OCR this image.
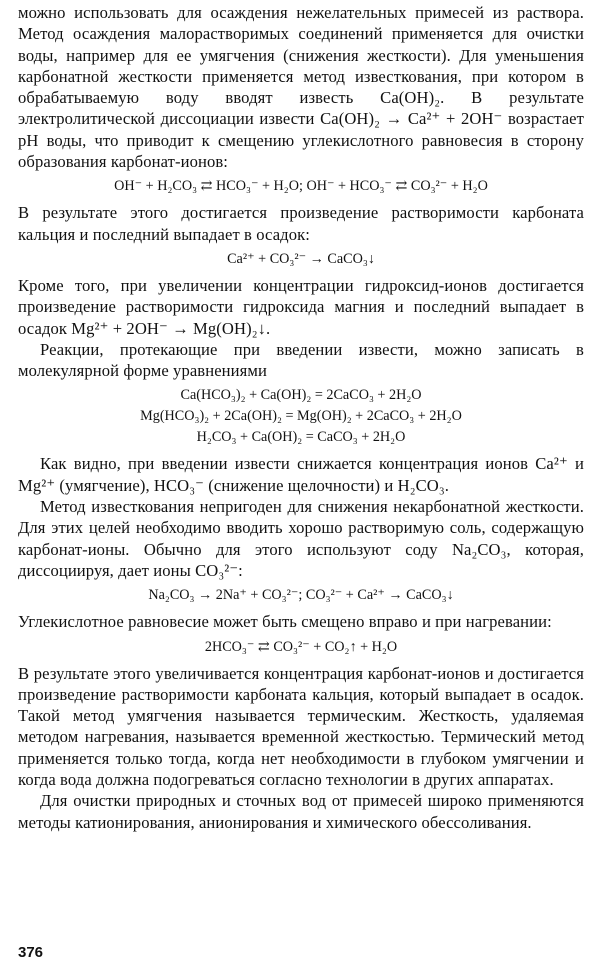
можно использовать для осаждения нежелательных примесей из раствора. Метод осаждения малорастворимых соединений применяется для очистки воды, например для ее умягчения (снижения жесткости). Для уменьшения карбонатной жесткости применяется метод известкования, при котором в обрабатываемую воду вводят известь Ca(OH)₂. В результате электролитической диссоциации извести Ca(OH)₂ → Ca²⁺ + 2OH⁻ возрастает pH воды, что приводит к смещению углекислотного равновесия в сторону образования карбонат-ионов:

OH⁻ + H₂CO₃ ⇄ HCO₃⁻ + H₂O; OH⁻ + HCO₃⁻ ⇄ CO₃²⁻ + H₂O

В результате этого достигается произведение растворимости карбоната кальция и последний выпадает в осадок:

Ca²⁺ + CO₃²⁻ → CaCO₃↓

Кроме того, при увеличении концентрации гидроксид-ионов достигается произведение растворимости гидроксида магния и последний выпадает в осадок Mg²⁺ + 2OH⁻ → Mg(OH)₂↓.

Реакции, протекающие при введении извести, можно записать в молекулярной форме уравнениями

Ca(HCO₃)₂ + Ca(OH)₂ = 2CaCO₃ + 2H₂O

Mg(HCO₃)₂ + 2Ca(OH)₂ = Mg(OH)₂ + 2CaCO₃ + 2H₂O

H₂CO₃ + Ca(OH)₂ = CaCO₃ + 2H₂O

Как видно, при введении извести снижается концентрация ионов Ca²⁺ и Mg²⁺ (умягчение), HCO₃⁻ (снижение щелочности) и H₂CO₃.

Метод известкования непригоден для снижения некарбонатной жесткости. Для этих целей необходимо вводить хорошо растворимую соль, содержащую карбонат-ионы. Обычно для этого используют соду Na₂CO₃, которая, диссоциируя, дает ионы CO₃²⁻:

Na₂CO₃ → 2Na⁺ + CO₃²⁻; CO₃²⁻ + Ca²⁺ → CaCO₃↓

Углекислотное равновесие может быть смещено вправо и при нагревании:

2HCO₃⁻ ⇄ CO₃²⁻ + CO₂↑ + H₂O

В результате этого увеличивается концентрация карбонат-ионов и достигается произведение растворимости карбоната кальция, который выпадает в осадок. Такой метод умягчения называется термическим. Жесткость, удаляемая методом нагревания, называется временной жесткостью. Термический метод применяется только тогда, когда нет необходимости в глубоком умягчении и когда вода должна подогреваться согласно технологии в других аппаратах.

Для очистки природных и сточных вод от примесей широко применяются методы катионирования, анионирования и химического обессоливания.

376
